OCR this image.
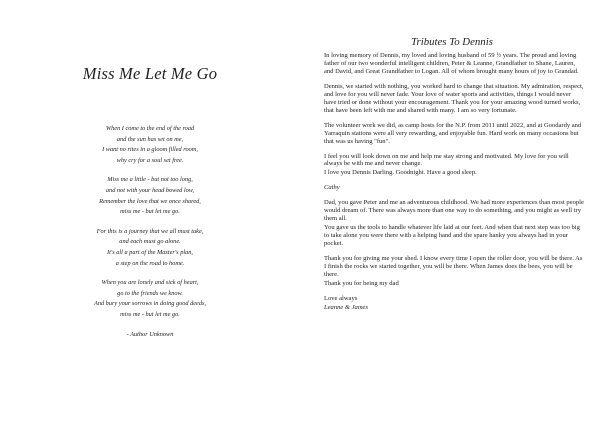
Miss Me Let Me Go
When I come to the end of the road
and the sun has set on me,
I want no rites in a gloom filled room,
why cry for a soul set free.
Miss me a little - but not too long,
and not with your head bowed low,
Remember the love that we once shared,
miss me - but let me go.
For this is a journey that we all must take,
and each must go alone.
It's all a part of the Master's plan,
a step on the road to home.
When you are lonely and sick of heart,
go to the friends we know.
And bury your sorrows in doing good deeds,
miss me - but let me go.
- Author Unknown
Tributes To Dennis

In loving memory of Dennis, my loved and loving husband of 59 ½ years. The proud and loving father of our two wonderful intelligent children, Peter & Leanne, Grandfather to Shane, Lauren, and David, and Great Grandfather to Logan. All of whom brought many hours of joy to Grandad.

Dennis, we started with nothing, you worked hard to change that situation. My admiration, respect, and love for you will never fade. Your love of water sports and activities, things I would never have tried or done without your encouragement. Thank you for your amazing wood turned works, that have been left with me and shared with many. I am so very fortunate.

The volunteer work we did, as camp hosts for the N.P. from 2011 until 2022, and at Goodardy and Yarraquin stations were all very rewarding, and enjoyable fun. Hard work on many occasions but that was us having "fun".

I feel you will look down on me and help me stay strong and motivated. My love for you will always be with me and never change.

I love you Dennis Darling. Goodnight. Have a good sleep.

Cathy

Dad, you gave Peter and me an adventurous childhood. We had more experiences than most people would dream of. There was always more than one way to do something, and you might as well try them all.

You gave us the tools to handle whatever life laid at our feet. And when that next step was too big to take alone you were there with a helping hand and the spare hanky you always had in your pocket.

Thank you for giving me your shed. I know every time I open the roller door, you will be there. As I finish the rocks we started together, you will be there. When James does the bees, you will be there.

Thank you for being my dad

Love always

Leanne & James
